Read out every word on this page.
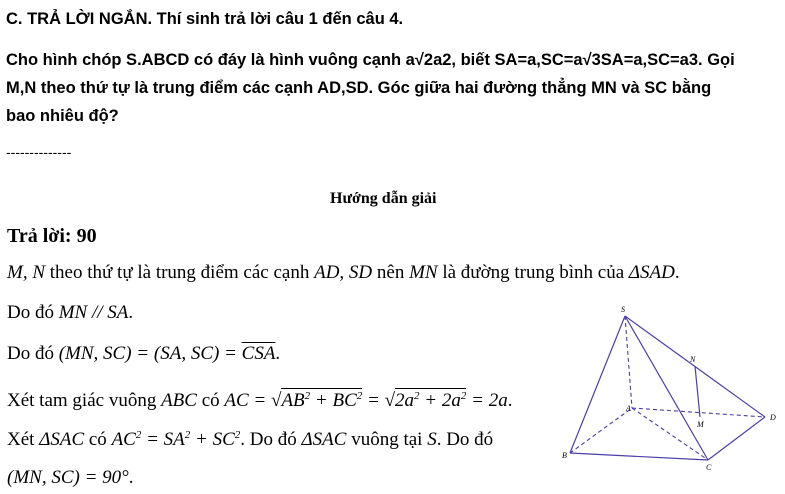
C. TRẢ LỜI NGẮN. Thí sinh trả lời câu 1 đến câu 4.
Cho hình chóp S.ABCD có đáy là hình vuông cạnh a√2a2, biết SA=a,SC=a√3SA=a,SC=a3. Gọi
M,N theo thứ tự là trung điểm các cạnh AD,SD. Góc giữa hai đường thẳng MN và SC bằng
bao nhiêu độ?
--------------
Hướng dẫn giải
Trả lời: 90
M, N theo thứ tự là trung điểm các cạnh AD, SD nên MN là đường trung bình của ΔSAD.
Do đó MN // SA.
Do đó (MN, SC) = (SA, $SC) = \overline{CSA}$.
Xét tam giác vuông ABC có AC = $√AB^2 + BC^2 = √2a^2 + 2a^2 = 2a$.
Xét ΔSAC có $AC^2 = SA^2 + SC^2$. Do đó ΔSAC vuông tại S. Do đó
(MN, SC) = 90°.
S
N
A
M
D
B
C
